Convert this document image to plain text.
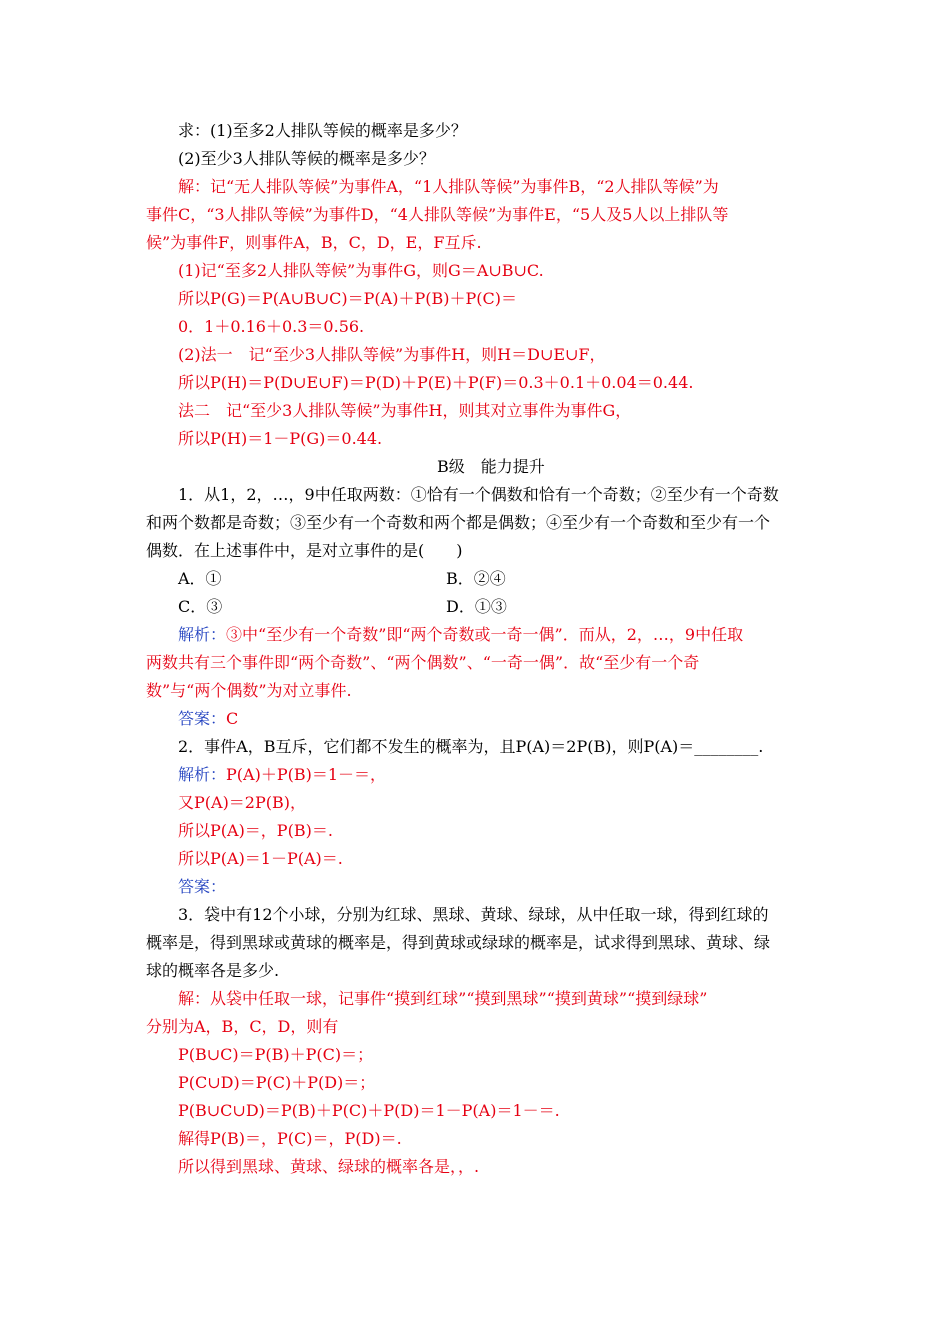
求：(1)至多2人排队等候的概率是多少？
(2)至少3人排队等候的概率是多少？
解：记“无人排队等候”为事件A，“1人排队等候”为事件B，“2人排队等候”为
事件C，“3人排队等候”为事件D，“4人排队等候”为事件E，“5人及5人以上排队等
候”为事件F，则事件A，B，C，D，E，F互斥.
(1)记“至多2人排队等候”为事件G，则G＝A∪B∪C.
所以P(G)＝P(A∪B∪C)＝P(A)＋P(B)＋P(C)＝
0．1＋0.16＋0.3＝0.56.
(2)法一　记“至少3人排队等候”为事件H，则H＝D∪E∪F，
所以P(H)＝P(D∪E∪F)＝P(D)＋P(E)＋P(F)＝0.3＋0.1＋0.04＝0.44.
法二　记“至少3人排队等候”为事件H，则其对立事件为事件G，
所以P(H)＝1－P(G)＝0.44.
B级　能力提升
1．从1，2，…，9中任取两数：①恰有一个偶数和恰有一个奇数；②至少有一个奇数
和两个数都是奇数；③至少有一个奇数和两个都是偶数；④至少有一个奇数和至少有一个
偶数．在上述事件中，是对立事件的是(　　)
A．①	B．②④
C．③	D．①③
解析：③中“至少有一个奇数”即“两个奇数或一奇一偶”．而从，2，…，9中任取
两数共有三个事件即“两个奇数”、“两个偶数”、“一奇一偶”．故“至少有一个奇
数”与“两个偶数”为对立事件.
答案：C
2．事件A，B互斥，它们都不发生的概率为，且P(A)＝2P(B)，则P(A)＝________.
解析：P(A)＋P(B)＝1－＝，
又P(A)＝2P(B)，
所以P(A)＝，P(B)＝.
所以P(A)＝1－P(A)＝.
答案：
3．袋中有12个小球，分别为红球、黑球、黄球、绿球，从中任取一球，得到红球的
概率是，得到黑球或黄球的概率是，得到黄球或绿球的概率是，试求得到黑球、黄球、绿
球的概率各是多少.
解：从袋中任取一球，记事件“摸到红球”“摸到黑球”“摸到黄球”“摸到绿球”
分别为A，B，C，D，则有
P(B∪C)＝P(B)＋P(C)＝；
P(C∪D)＝P(C)＋P(D)＝；
P(B∪C∪D)＝P(B)＋P(C)＋P(D)＝1－P(A)＝1－＝.
解得P(B)＝，P(C)＝，P(D)＝.
所以得到黑球、黄球、绿球的概率各是，，.
